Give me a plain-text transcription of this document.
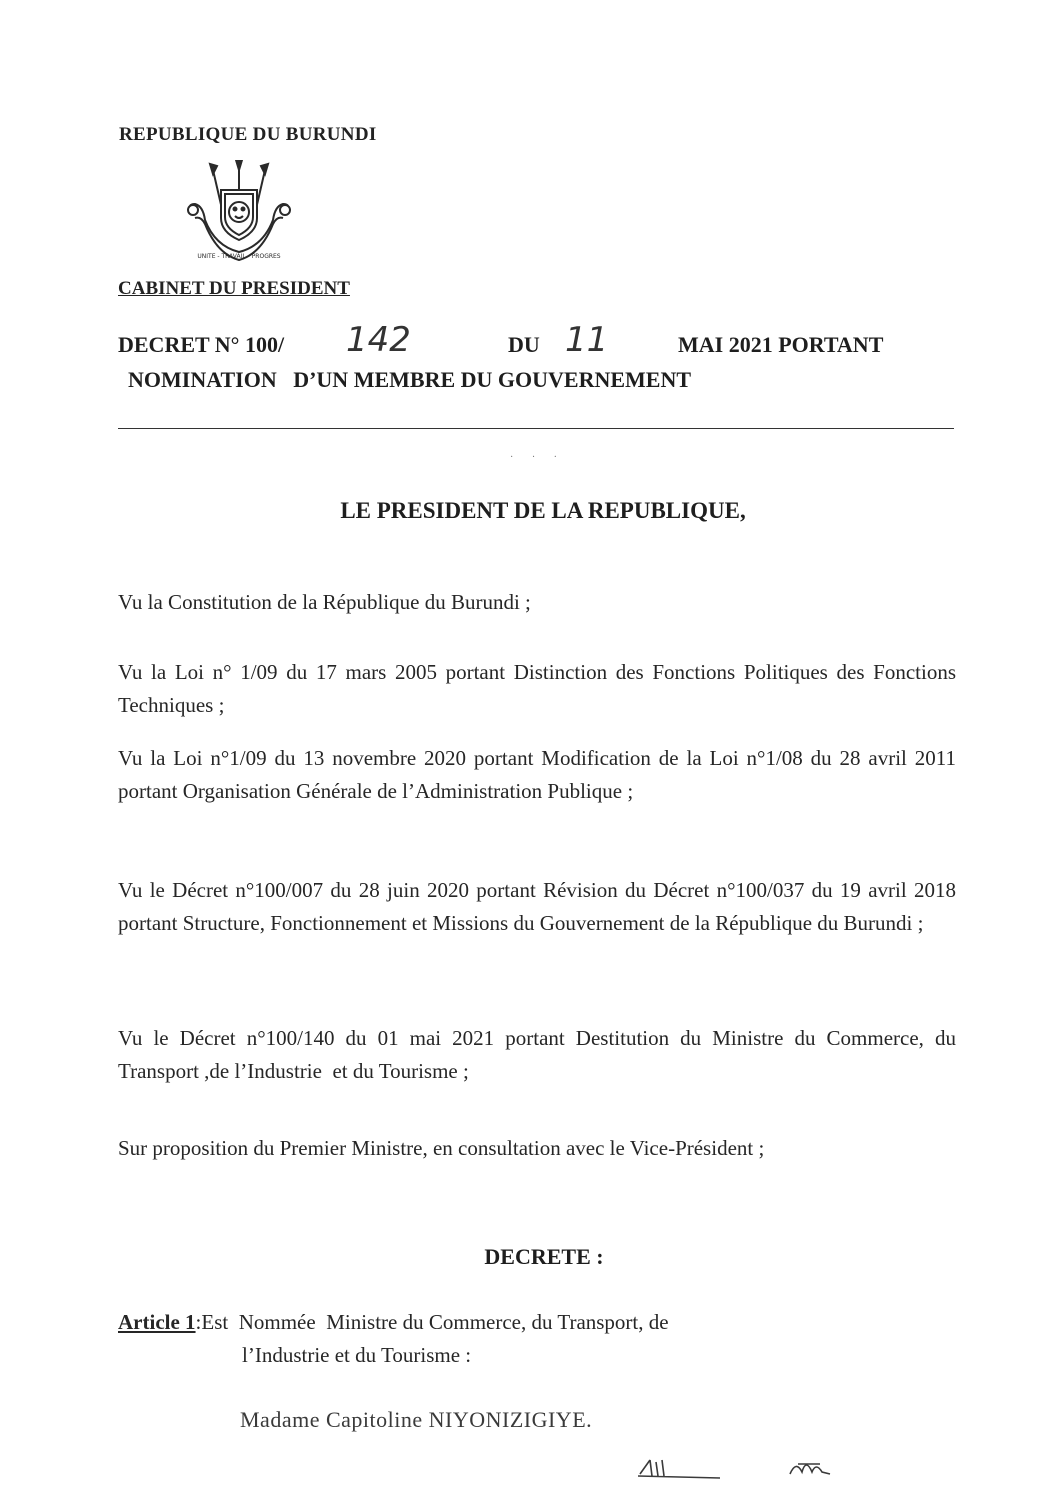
REPUBLIQUE DU BURUNDI
UNITE - TRAVAIL - PROGRES
CABINET DU PRESIDENT
DECRET N° 100/ 142	DU 11	MAI 2021 PORTANT
NOMINATION   D’UN MEMBRE DU GOUVERNEMENT
· · ·
LE PRESIDENT DE LA REPUBLIQUE,
Vu la Constitution de la République du Burundi ;
Vu la Loi n° 1/09 du 17 mars 2005 portant Distinction des Fonctions Politiques des Fonctions Techniques ;
Vu la Loi n°1/09 du 13 novembre 2020 portant Modification de la Loi n°1/08 du 28 avril 2011 portant Organisation Générale de l’Administration Publique ;
Vu le Décret n°100/007 du 28 juin 2020 portant Révision du Décret n°100/037 du 19 avril 2018 portant Structure, Fonctionnement et Missions du Gouvernement de la République du Burundi ;
Vu le Décret n°100/140 du 01 mai 2021 portant Destitution du Ministre du Commerce, du Transport ,de l’Industrie  et du Tourisme ;
Sur proposition du Premier Ministre, en consultation avec le Vice-Président ;
DECRETE :
Article 1:Est  Nommée  Ministre du Commerce, du Transport, de
l’Industrie et du Tourisme :
Madame Capitoline NIYONIZIGIYE.
